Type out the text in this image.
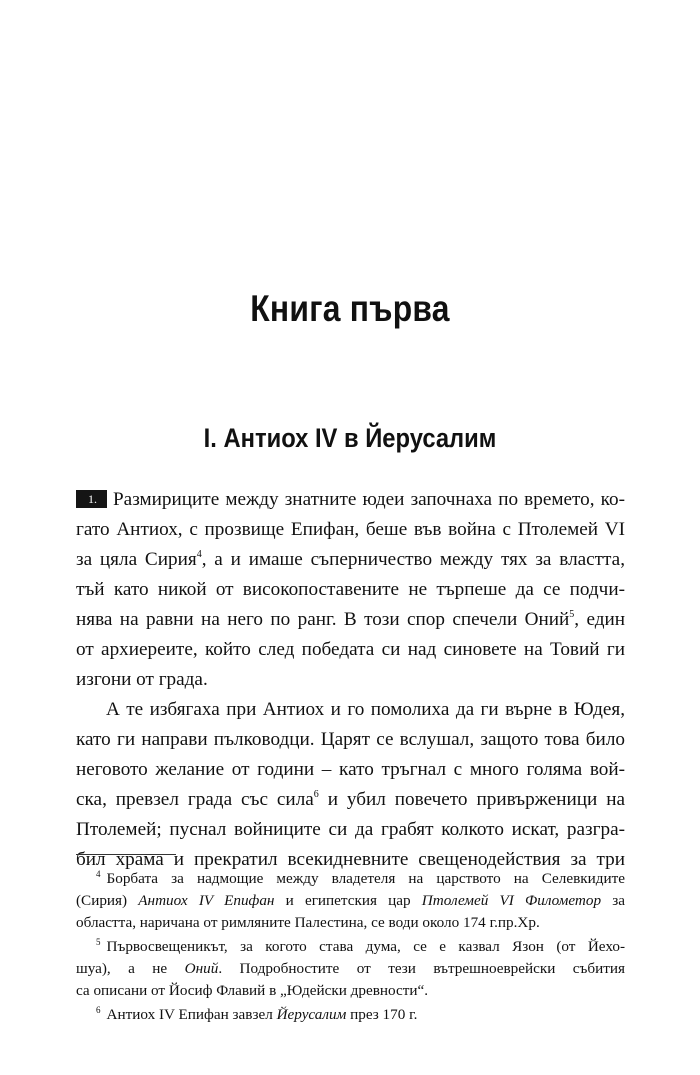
Книга първа
I. Антиох IV в Йерусалим
1. Размириците между знатните юдеи започнаха по времето, ко-
гато Антиох, с прозвище Епифан, беше във война с Птолемей VI
за цяла Сирия$^4$, а и имаше съперничество между тях за властта,
тъй като никой от високопоставените не търпеше да се подчи-
нява на равни на него по ранг. В този спор спечели Оний$^5$, един
от архиереите, който след победата си над синовете на Товий ги
изгони от града.
А те избягаха при Антиох и го помолиха да ги върне в Юдея,
като ги направи пълководци. Царят се вслушал, защото това било
неговото желание от години – като тръгнал с много голяма вой-
ска, превзел града със сила$^6$ и убил повечето привърженици на
Птолемей; пуснал войниците си да грабят колкото искат, разгра-
бил храма и прекратил всекидневните свещенодействия за три
$^4$ Борбата за надмощие между владетеля на царството на Селевкидите
(Сирия) Антиох IV Епифан и египетския цар Птолемей VI Филометор за
областта, наричана от римляните Палестина, се води около 174 г.пр.Хр.
$^5$ Първосвещеникът, за когото става дума, се е казвал Язон (от Йехо-
шуа), а не Оний. Подробностите от тези вътрешноеврейски събития
са описани от Йосиф Флавий в „Юдейски древности“.
$^6$ Антиох IV Епифан завзел Йерусалим през 170 г.
